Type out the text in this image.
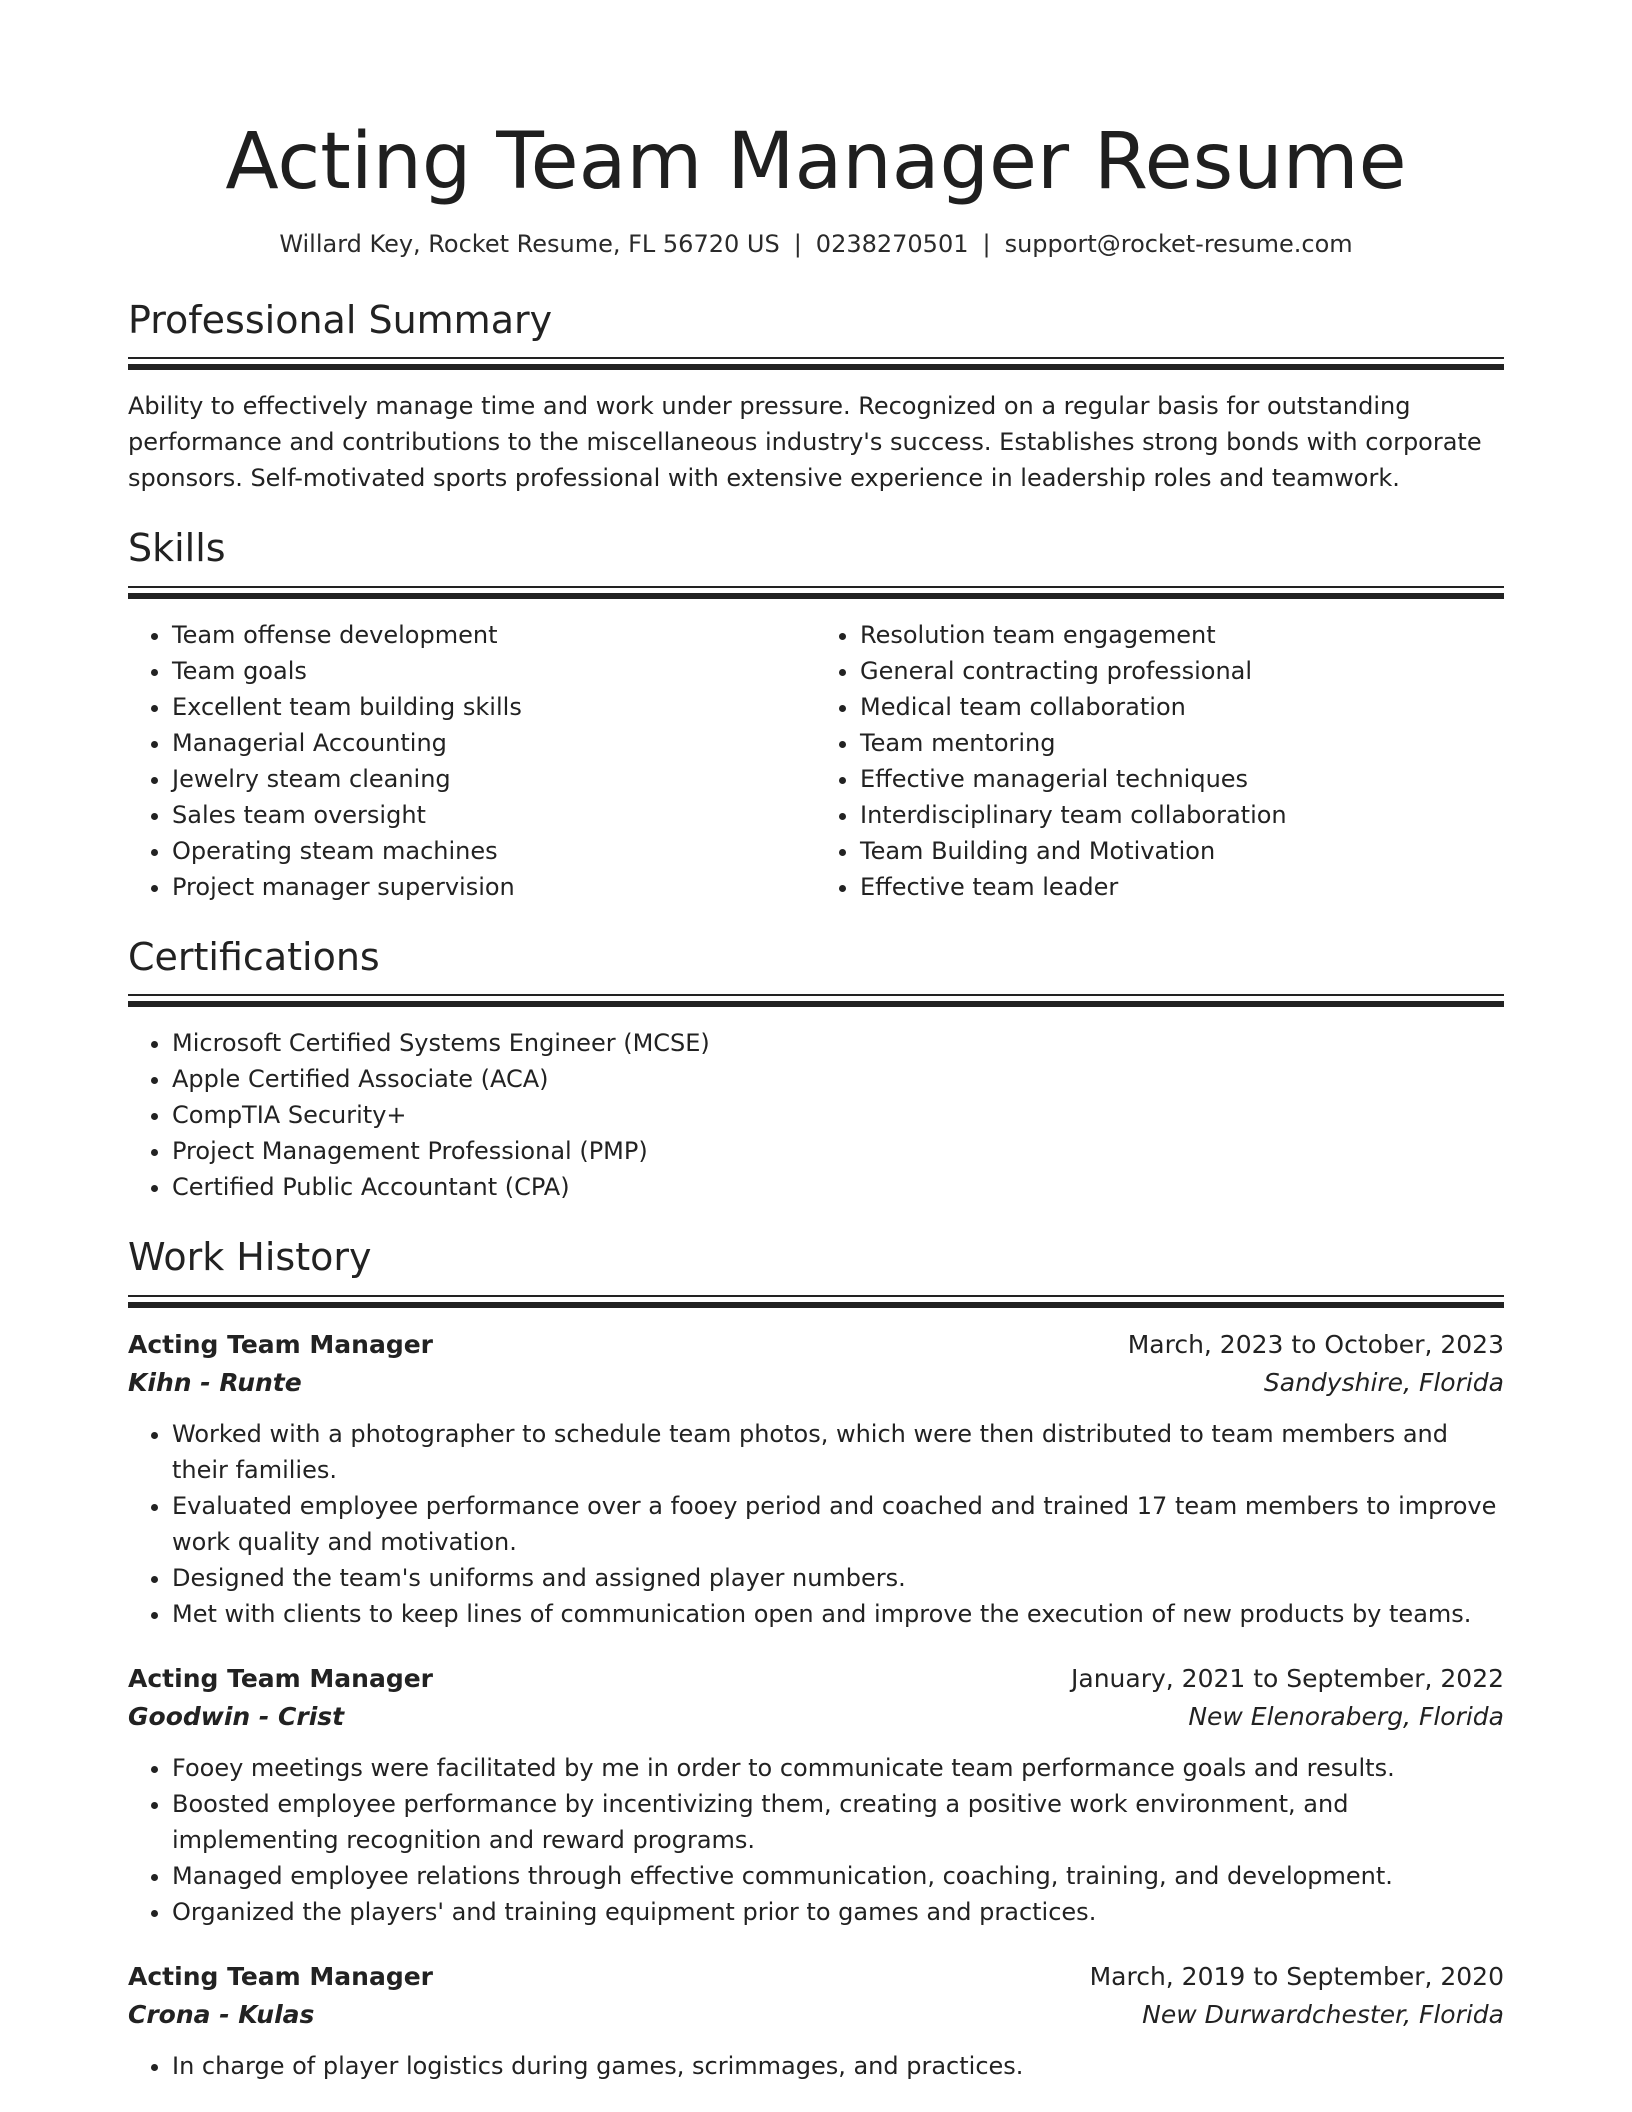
Acting Team Manager Resume
Willard Key, Rocket Resume, FL 56720 US | 0238270501 | support@rocket-resume.com
Professional Summary

Ability to effectively manage time and work under pressure. Recognized on a regular basis for outstanding performance and contributions to the miscellaneous industry's success. Establishes strong bonds with corporate sponsors. Self-motivated sports professional with extensive experience in leadership roles and teamwork.

Skills
• Team offense development
• Team goals
• Excellent team building skills
• Managerial Accounting
• Jewelry steam cleaning
• Sales team oversight
• Operating steam machines
• Project manager supervision
• Resolution team engagement
• General contracting professional
• Medical team collaboration
• Team mentoring
• Effective managerial techniques
• Interdisciplinary team collaboration
• Team Building and Motivation
• Effective team leader
Certifications
• Microsoft Certified Systems Engineer (MCSE)
• Apple Certified Associate (ACA)
• CompTIA Security+
• Project Management Professional (PMP)
• Certified Public Accountant (CPA)
Work History
Acting Team Manager	March, 2023 to October, 2023
Kihn - Runte	Sandyshire, Florida
• Worked with a photographer to schedule team photos, which were then distributed to team members and their families.
• Evaluated employee performance over a fooey period and coached and trained 17 team members to improve work quality and motivation.
• Designed the team's uniforms and assigned player numbers.
• Met with clients to keep lines of communication open and improve the execution of new products by teams.
Acting Team Manager	January, 2021 to September, 2022
Goodwin - Crist	New Elenoraberg, Florida
• Fooey meetings were facilitated by me in order to communicate team performance goals and results.
• Boosted employee performance by incentivizing them, creating a positive work environment, and implementing recognition and reward programs.
• Managed employee relations through effective communication, coaching, training, and development.
• Organized the players' and training equipment prior to games and practices.
Acting Team Manager	March, 2019 to September, 2020
Crona - Kulas	New Durwardchester, Florida
• In charge of player logistics during games, scrimmages, and practices.
